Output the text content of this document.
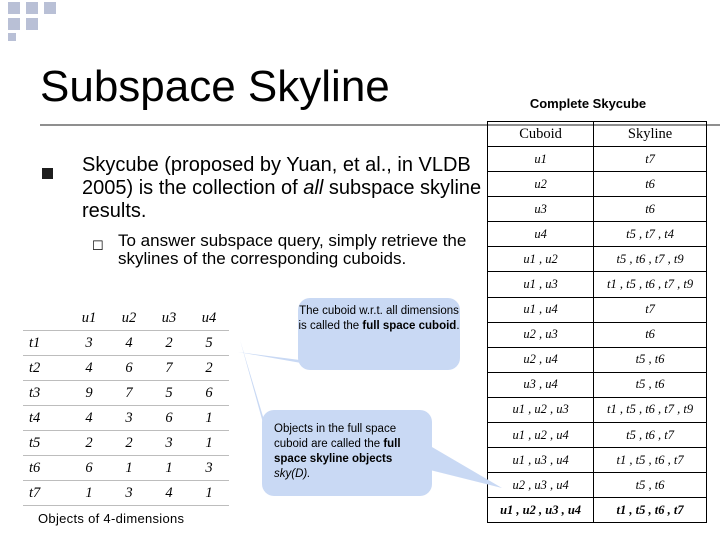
Subspace Skyline	Complete Skycube
Cuboid	Skyline
u1	t7
u2	t6
u3	t6
u4	t5 , t7 , t4
u1 , u2	t5 , t6 , t7 , t9
u1 , u3	t1 , t5 , t6 , t7 , t9
u1 , u4	t7
u2 , u3	t6
u2 , u4	t5 , t6
u3 , u4	t5 , t6
u1 , u2 , u3	t1 , t5 , t6 , t7 , t9
u1 , u2 , u4	t5 , t6 , t7
u1 , u3 , u4	t1 , t5 , t6 , t7
u2 , u3 , u4	t5 , t6
u1 , u2 , u3 , u4	t1 , t5 , t6 , t7
Skycube (proposed by Yuan, et al., in VLDB 2005) is the collection of all subspace skyline results.
☐ To answer subspace query, simply retrieve the skylines of the corresponding cuboids.
	u1	u2	u3	u4
t1	3	4	2	5
t2	4	6	7	2
t3	9	7	5	6
t4	4	3	6	1
t5	2	2	3	1
t6	6	1	1	3
t7	1	3	4	1
Objects of 4-dimensions
The cuboid w.r.t. all dimensions is called the full space cuboid.
Objects in the full space cuboid are called the full space skyline objects sky(D).
